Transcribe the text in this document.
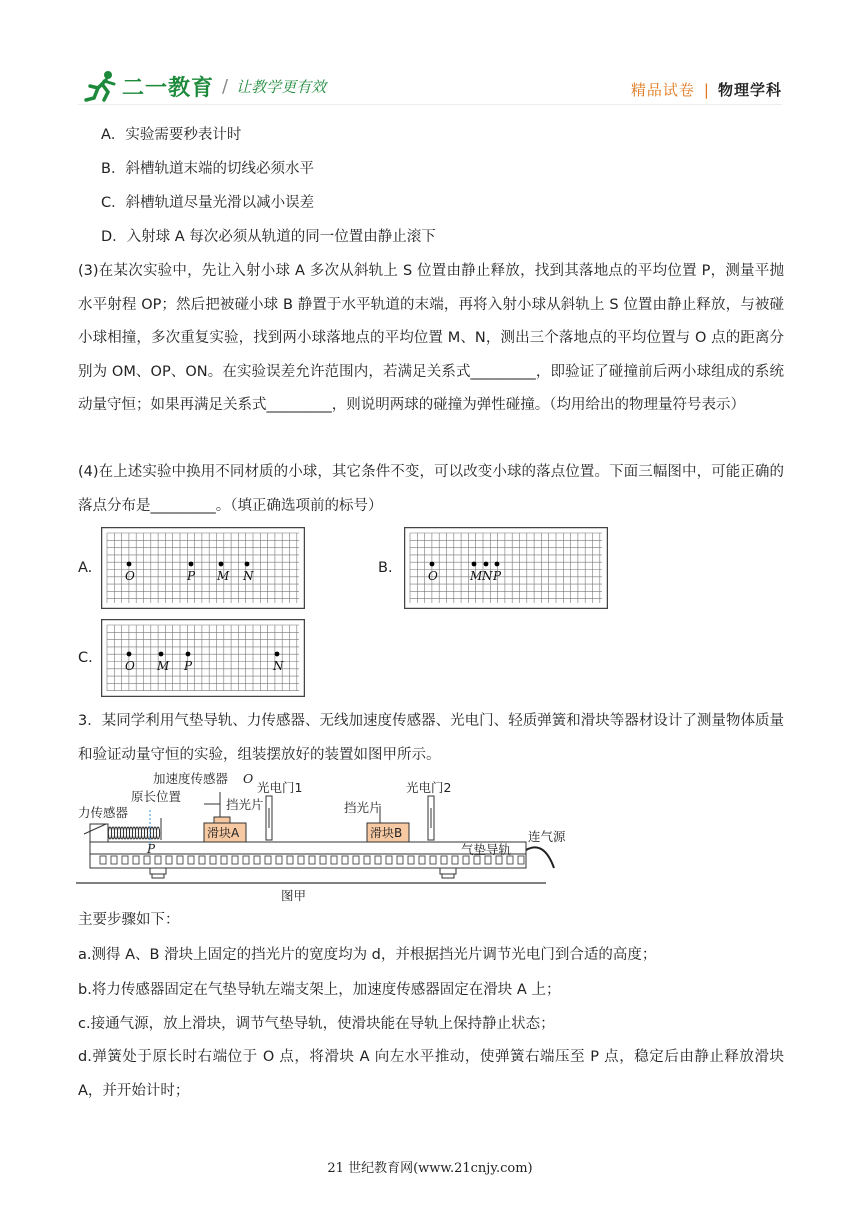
二一教育 / 让教学更有效	精品试卷 | 物理学科
A．实验需要秒表计时
B．斜槽轨道末端的切线必须水平
C．斜槽轨道尽量光滑以减小误差
D．入射球 A 每次必须从轨道的同一位置由静止滚下
(3)在某次实验中，先让入射小球 A 多次从斜轨上 S 位置由静止释放，找到其落地点的平均位置 P，测量平抛水平射程 OP；然后把被碰小球 B 静置于水平轨道的末端，再将入射小球从斜轨上 S 位置由静止释放，与被碰小球相撞，多次重复实验，找到两小球落地点的平均位置 M、N，测出三个落地点的平均位置与 O 点的距离分别为 OM、OP、ON。在实验误差允许范围内，若满足关系式_________，即验证了碰撞前后两小球组成的系统动量守恒；如果再满足关系式_________，则说明两球的碰撞为弹性碰撞。（均用给出的物理量符号表示）
(4)在上述实验中换用不同材质的小球，其它条件不变，可以改变小球的落点位置。下面三幅图中，可能正确的落点分布是_________。（填正确选项前的标号）
A.	O	P M N	B.	O	M N P
C.	O M P	N
3．某同学利用气垫导轨、力传感器、无线加速度传感器、光电门、轻质弹簧和滑块等器材设计了测量物体质量和验证动量守恒的实验，组装摆放好的装置如图甲所示。
加速度传感器 O
原长位置
力传感器
P
挡光片
光电门1
滑块A
挡光片
光电门2
滑块B
气垫导轨
连气源
图甲
主要步骤如下：
a.测得 A、B 滑块上固定的挡光片的宽度均为 d，并根据挡光片调节光电门到合适的高度；
b.将力传感器固定在气垫导轨左端支架上，加速度传感器固定在滑块 A 上；
c.接通气源，放上滑块，调节气垫导轨，使滑块能在导轨上保持静止状态；
d.弹簧处于原长时右端位于 O 点，将滑块 A 向左水平推动，使弹簧右端压至 P 点，稳定后由静止释放滑块 A，并开始计时；
21 世纪教育网(www.21cnjy.com)
